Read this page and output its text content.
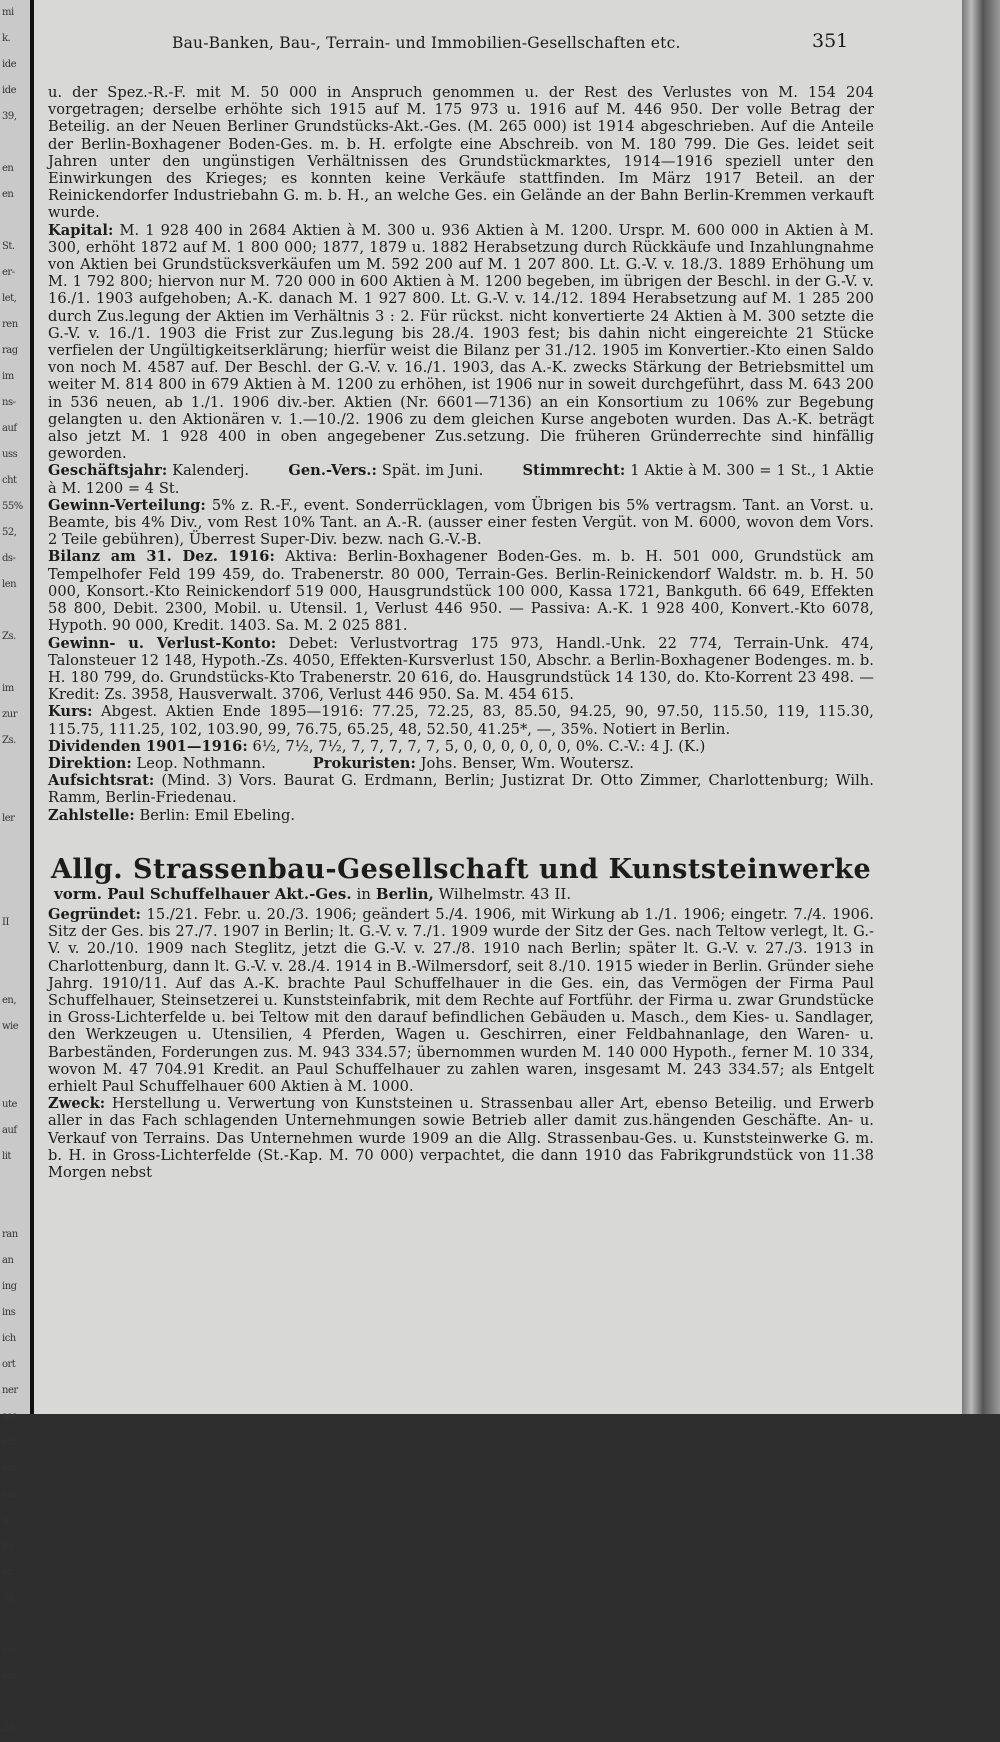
mi
k.
ide
ide
39,

en
en

St.
er-
let,
ren
rag
im
ns-
auf
uss
cht
55%
52,
ds-
len

Zs.

im
zur
Zs.

ler

II

en,
wie

ute
auf
lit

ran
an
ing
ins
ich
ort
ner
ses-
ich
len
ein
tr.,
ler
ar.
34,

ste
ieh

29
Bau-Banken, Bau-, Terrain- und Immobilien-Gesellschaften etc.	351

u. der Spez.-R.-F. mit M. 50 000 in Anspruch genommen u. der Rest des Verlustes von M. 154 204 vorgetragen; derselbe erhöhte sich 1915 auf M. 175 973 u. 1916 auf M. 446 950. Der volle Betrag der Beteilig. an der Neuen Berliner Grundstücks-Akt.-Ges. (M. 265 000) ist 1914 abgeschrieben. Auf die Anteile der Berlin-Boxhagener Boden-Ges. m. b. H. erfolgte eine Abschreib. von M. 180 799. Die Ges. leidet seit Jahren unter den ungünstigen Verhältnissen des Grundstückmarktes, 1914—1916 speziell unter den Einwirkungen des Krieges; es konnten keine Verkäufe stattfinden. Im März 1917 Beteil. an der Reinickendorfer Industriebahn G. m. b. H., an welche Ges. ein Gelände an der Bahn Berlin-Kremmen verkauft wurde.

Kapital: M. 1 928 400 in 2684 Aktien à M. 300 u. 936 Aktien à M. 1200. Urspr. M. 600 000 in Aktien à M. 300, erhöht 1872 auf M. 1 800 000; 1877, 1879 u. 1882 Herabsetzung durch Rückkäufe und Inzahlungnahme von Aktien bei Grundstücksverkäufen um M. 592 200 auf M. 1 207 800. Lt. G.-V. v. 18./3. 1889 Erhöhung um M. 1 792 800; hiervon nur M. 720 000 in 600 Aktien à M. 1200 begeben, im übrigen der Beschl. in der G.-V. v. 16./1. 1903 aufgehoben; A.-K. danach M. 1 927 800. Lt. G.-V. v. 14./12. 1894 Herabsetzung auf M. 1 285 200 durch Zus.legung der Aktien im Verhältnis 3 : 2. Für rückst. nicht konvertierte 24 Aktien à M. 300 setzte die G.-V. v. 16./1. 1903 die Frist zur Zus.legung bis 28./4. 1903 fest; bis dahin nicht eingereichte 21 Stücke verfielen der Ungültigkeitserklärung; hierfür weist die Bilanz per 31./12. 1905 im Konvertier.-Kto einen Saldo von noch M. 4587 auf. Der Beschl. der G.-V. v. 16./1. 1903, das A.-K. zwecks Stärkung der Betriebsmittel um weiter M. 814 800 in 679 Aktien à M. 1200 zu erhöhen, ist 1906 nur in soweit durchgeführt, dass M. 643 200 in 536 neuen, ab 1./1. 1906 div.-ber. Aktien (Nr. 6601—7136) an ein Konsortium zu 106% zur Begebung gelangten u. den Aktionären v. 1.—10./2. 1906 zu dem gleichen Kurse angeboten wurden. Das A.-K. beträgt also jetzt M. 1 928 400 in oben angegebener Zus.setzung. Die früheren Gründerrechte sind hinfällig geworden.

Geschäftsjahr: Kalenderj.	Gen.-Vers.: Spät. im Juni.	Stimmrecht: 1 Aktie à M. 300 = 1 St., 1 Aktie à M. 1200 = 4 St.

Gewinn-Verteilung: 5% z. R.-F., event. Sonderrücklagen, vom Übrigen bis 5% vertragsm. Tant. an Vorst. u. Beamte, bis 4% Div., vom Rest 10% Tant. an A.-R. (ausser einer festen Vergüt. von M. 6000, wovon dem Vors. 2 Teile gebühren), Überrest Super-Div. bezw. nach G.-V.-B.

Bilanz am 31. Dez. 1916: Aktiva: Berlin-Boxhagener Boden-Ges. m. b. H. 501 000, Grundstück am Tempelhofer Feld 199 459, do. Trabenerstr. 80 000, Terrain-Ges. Berlin-Reinickendorf Waldstr. m. b. H. 50 000, Konsort.-Kto Reinickendorf 519 000, Hausgrundstück 100 000, Kassa 1721, Bankguth. 66 649, Effekten 58 800, Debit. 2300, Mobil. u. Utensil. 1, Verlust 446 950. — Passiva: A.-K. 1 928 400, Konvert.-Kto 6078, Hypoth. 90 000, Kredit. 1403. Sa. M. 2 025 881.

Gewinn- u. Verlust-Konto: Debet: Verlustvortrag 175 973, Handl.-Unk. 22 774, Terrain-Unk. 474, Talonsteuer 12 148, Hypoth.-Zs. 4050, Effekten-Kursverlust 150, Abschr. a Berlin-Boxhagener Bodenges. m. b. H. 180 799, do. Grundstücks-Kto Trabenerstr. 20 616, do. Hausgrundstück 14 130, do. Kto-Korrent 23 498. — Kredit: Zs. 3958, Hausverwalt. 3706, Verlust 446 950. Sa. M. 454 615.

Kurs: Abgest. Aktien Ende 1895—1916: 77.25, 72.25, 83, 85.50, 94.25, 90, 97.50, 115.50, 119, 115.30, 115.75, 111.25, 102, 103.90, 99, 76.75, 65.25, 48, 52.50, 41.25*, —, 35%. Notiert in Berlin.

Dividenden 1901—1916: 6½, 7½, 7½, 7, 7, 7, 7, 7, 5, 0, 0, 0, 0, 0, 0, 0%. C.-V.: 4 J. (K.)

Direktion: Leop. Nothmann.	Prokuristen: Johs. Benser, Wm. Woutersz.

Aufsichtsrat: (Mind. 3) Vors. Baurat G. Erdmann, Berlin; Justizrat Dr. Otto Zimmer, Charlottenburg; Wilh. Ramm, Berlin-Friedenau.

Zahlstelle: Berlin: Emil Ebeling.

Allg. Strassenbau-Gesellschaft und Kunststeinwerke
vorm. Paul Schuffelhauer Akt.-Ges. in Berlin, Wilhelmstr. 43 II.

Gegründet: 15./21. Febr. u. 20./3. 1906; geändert 5./4. 1906, mit Wirkung ab 1./1. 1906; eingetr. 7./4. 1906. Sitz der Ges. bis 27./7. 1907 in Berlin; lt. G.-V. v. 7./1. 1909 wurde der Sitz der Ges. nach Teltow verlegt, lt. G.-V. v. 20./10. 1909 nach Steglitz, jetzt die G.-V. v. 27./8. 1910 nach Berlin; später lt. G.-V. v. 27./3. 1913 in Charlottenburg, dann lt. G.-V. v. 28./4. 1914 in B.-Wilmersdorf, seit 8./10. 1915 wieder in Berlin. Gründer siehe Jahrg. 1910/11. Auf das A.-K. brachte Paul Schuffelhauer in die Ges. ein, das Vermögen der Firma Paul Schuffelhauer, Steinsetzerei u. Kunststeinfabrik, mit dem Rechte auf Fortführ. der Firma u. zwar Grundstücke in Gross-Lichterfelde u. bei Teltow mit den darauf befindlichen Gebäuden u. Masch., dem Kies- u. Sandlager, den Werkzeugen u. Utensilien, 4 Pferden, Wagen u. Geschirren, einer Feldbahnanlage, den Waren- u. Barbeständen, Forderungen zus. M. 943 334.57; übernommen wurden M. 140 000 Hypoth., ferner M. 10 334, wovon M. 47 704.91 Kredit. an Paul Schuffelhauer zu zahlen waren, insgesamt M. 243 334.57; als Entgelt erhielt Paul Schuffelhauer 600 Aktien à M. 1000.

Zweck: Herstellung u. Verwertung von Kunststeinen u. Strassenbau aller Art, ebenso Beteilig. und Erwerb aller in das Fach schlagenden Unternehmungen sowie Betrieb aller damit zus.hängenden Geschäfte. An- u. Verkauf von Terrains. Das Unternehmen wurde 1909 an die Allg. Strassenbau-Ges. u. Kunststeinwerke G. m. b. H. in Gross-Lichterfelde (St.-Kap. M. 70 000) verpachtet, die dann 1910 das Fabrikgrundstück von 11.38 Morgen nebst
